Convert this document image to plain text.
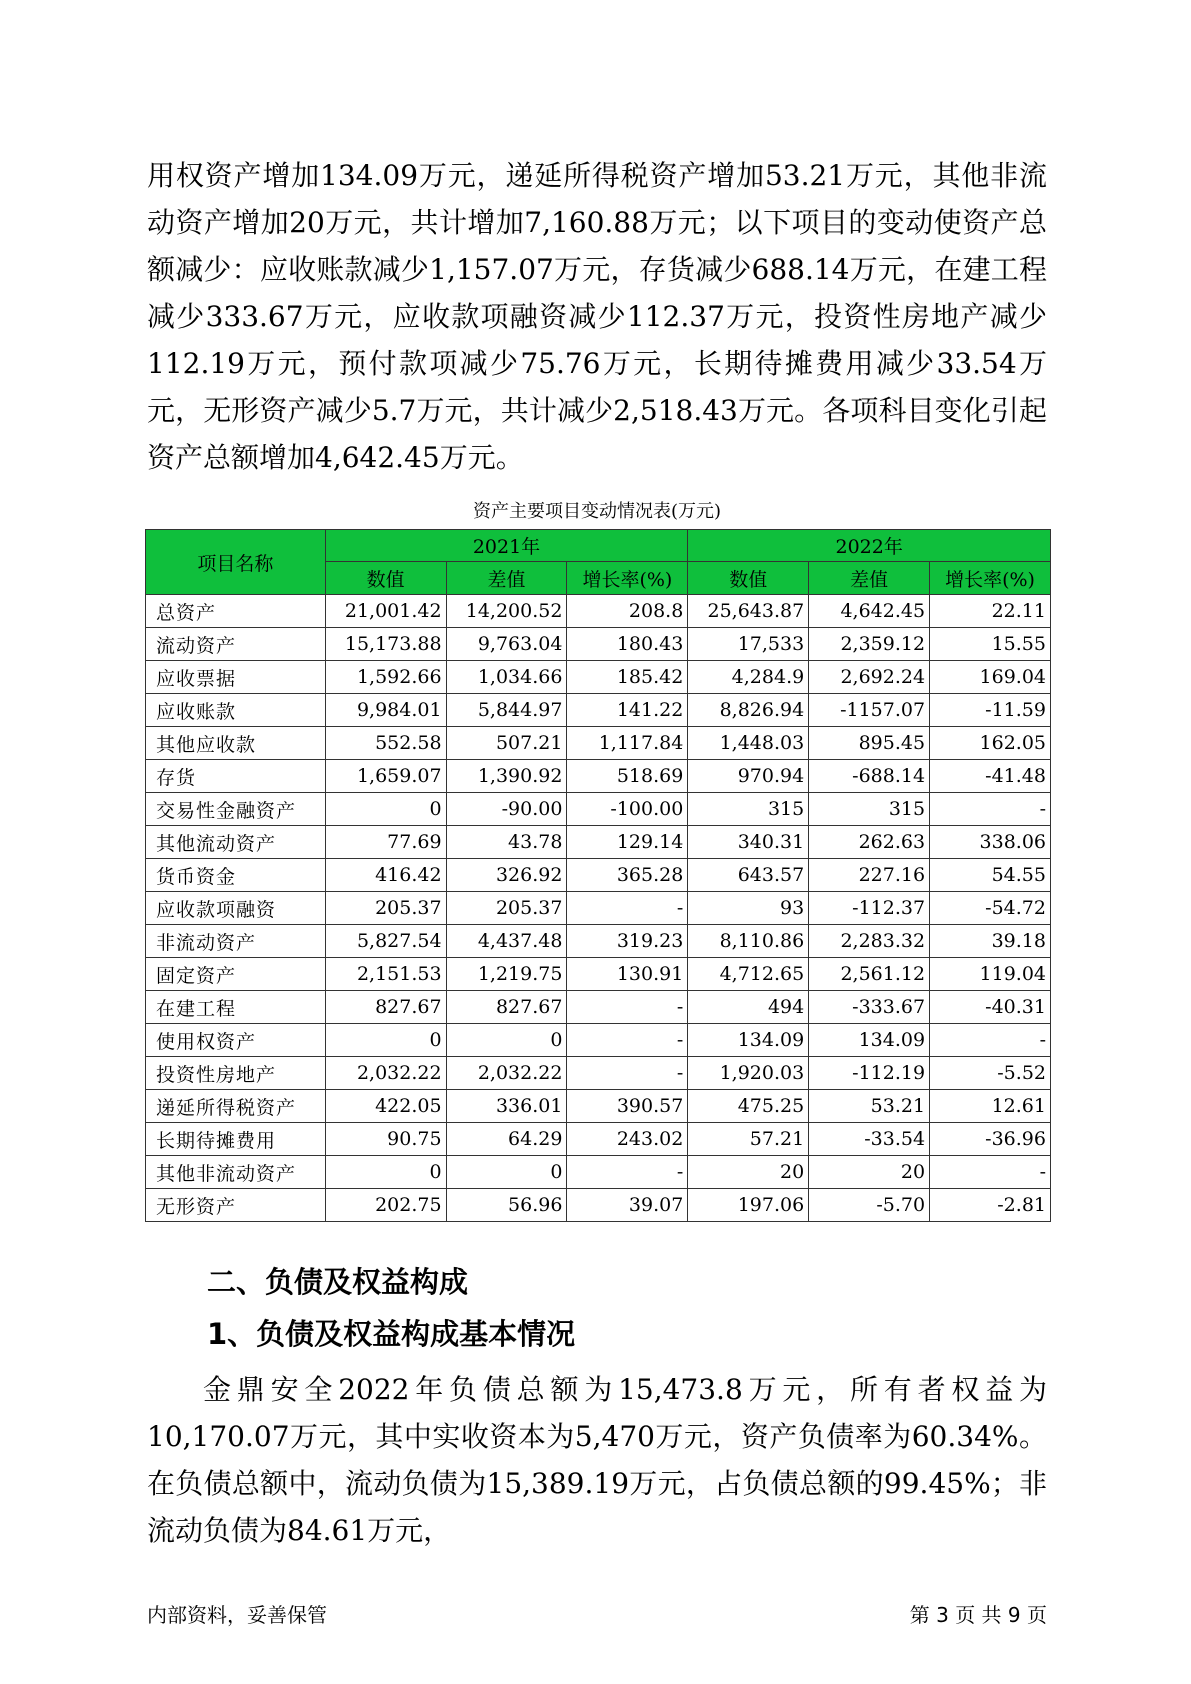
用权资产增加134.09万元，递延所得税资产增加53.21万元，其他非流动资产增加20万元，共计增加7,160.88万元；以下项目的变动使资产总额减少：应收账款减少1,157.07万元，存货减少688.14万元，在建工程减少333.67万元，应收款项融资减少112.37万元，投资性房地产减少112.19万元，预付款项减少75.76万元，长期待摊费用减少33.54万元，无形资产减少5.7万元，共计减少2,518.43万元。各项科目变化引起资产总额增加4,642.45万元。

资产主要项目变动情况表(万元)
项目名称	2021年			2022年		
	数值	差值	增长率(%)	数值	差值	增长率(%)
总资产	21,001.42	14,200.52	208.8	25,643.87	4,642.45	22.11
流动资产	15,173.88	9,763.04	180.43	17,533	2,359.12	15.55
应收票据	1,592.66	1,034.66	185.42	4,284.9	2,692.24	169.04
应收账款	9,984.01	5,844.97	141.22	8,826.94	-1157.07	-11.59
其他应收款	552.58	507.21	1,117.84	1,448.03	895.45	162.05
存货	1,659.07	1,390.92	518.69	970.94	-688.14	-41.48
交易性金融资产	0	-90.00	-100.00	315	315	-
其他流动资产	77.69	43.78	129.14	340.31	262.63	338.06
货币资金	416.42	326.92	365.28	643.57	227.16	54.55
应收款项融资	205.37	205.37	-	93	-112.37	-54.72
非流动资产	5,827.54	4,437.48	319.23	8,110.86	2,283.32	39.18
固定资产	2,151.53	1,219.75	130.91	4,712.65	2,561.12	119.04
在建工程	827.67	827.67	-	494	-333.67	-40.31
使用权资产	0	0	-	134.09	134.09	-
投资性房地产	2,032.22	2,032.22	-	1,920.03	-112.19	-5.52
递延所得税资产	422.05	336.01	390.57	475.25	53.21	12.61
长期待摊费用	90.75	64.29	243.02	57.21	-33.54	-36.96
其他非流动资产	0	0	-	20	20	-
无形资产	202.75	56.96	39.07	197.06	-5.70	-2.81
二、负债及权益构成
1、负债及权益构成基本情况

金鼎安全2022年负债总额为15,473.8万元，所有者权益为10,170.07万元，其中实收资本为5,470万元，资产负债率为60.34%。在负债总额中，流动负债为15,389.19万元，占负债总额的99.45%；非流动负债为84.61万元，

内部资料，妥善保管	第 3 页 共 9 页
